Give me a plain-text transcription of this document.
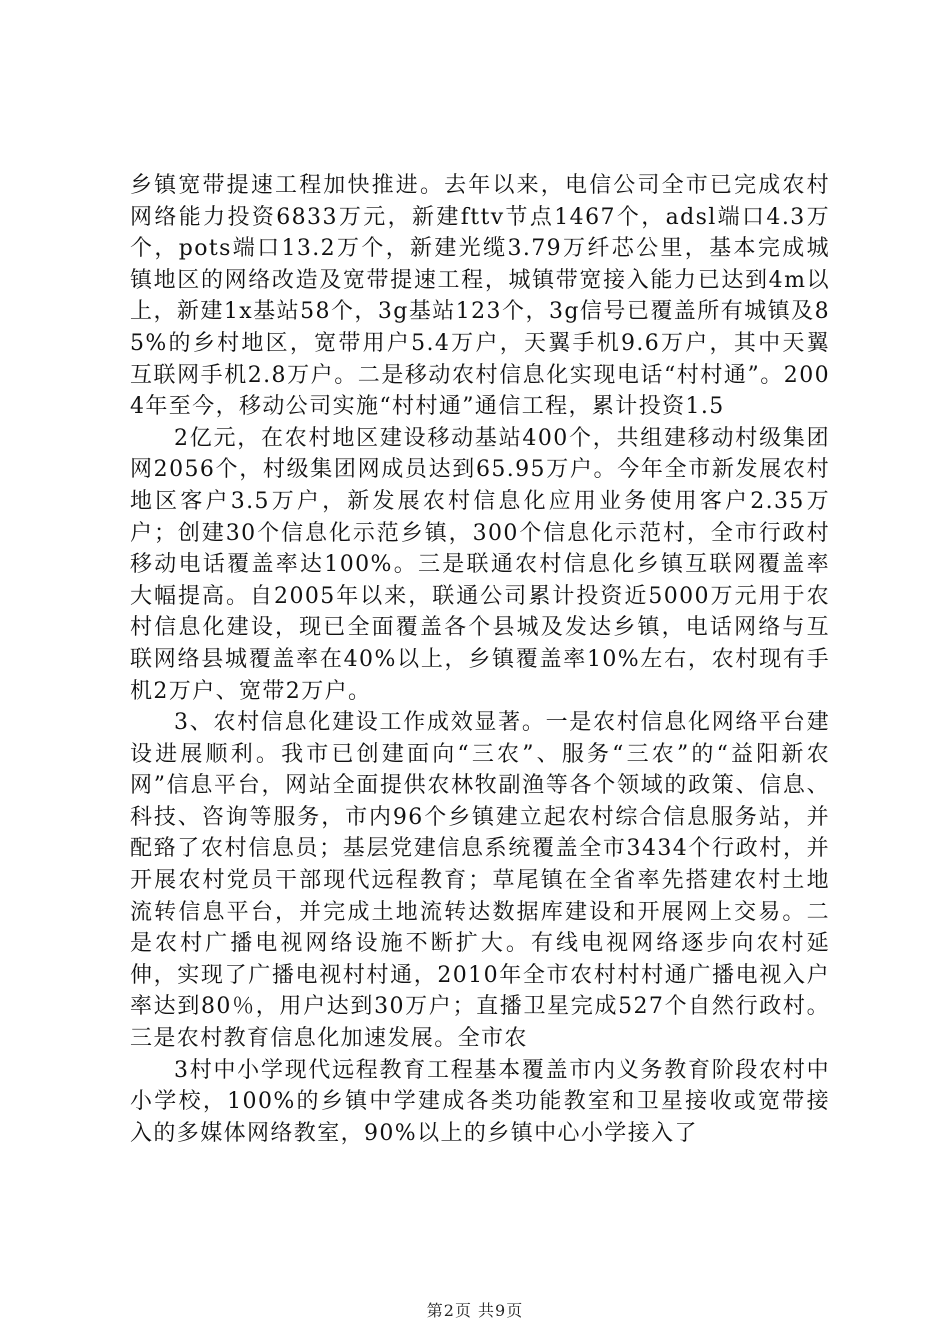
乡镇宽带提速工程加快推进。去年以来，电信公司全市已完成农村网络能力投资6833万元，新建fttv节点1467个，adsl端口4.3万个，pots端口13.2万个，新建光缆3.79万纤芯公里，基本完成城镇地区的网络改造及宽带提速工程，城镇带宽接入能力已达到4m以上，新建1x基站58个，3g基站123个，3g信号已覆盖所有城镇及85%的乡村地区，宽带用户5.4万户，天翼手机9.6万户，其中天翼互联网手机2.8万户。二是移动农村信息化实现电话“村村通”。2004年至今，移动公司实施“村村通”通信工程，累计投资1.5

2亿元，在农村地区建设移动基站400个，共组建移动村级集团网2056个，村级集团网成员达到65.95万户。今年全市新发展农村地区客户3.5万户，新发展农村信息化应用业务使用客户2.35万户；创建30个信息化示范乡镇，300个信息化示范村，全市行政村移动电话覆盖率达100%。三是联通农村信息化乡镇互联网覆盖率大幅提高。自2005年以来，联通公司累计投资近5000万元用于农村信息化建设，现已全面覆盖各个县城及发达乡镇，电话网络与互联网络县城覆盖率在40%以上，乡镇覆盖率10%左右，农村现有手机2万户、宽带2万户。

3、农村信息化建设工作成效显著。一是农村信息化网络平台建设进展顺利。我市已创建面向“三农”、服务“三农”的“益阳新农网”信息平台，网站全面提供农林牧副渔等各个领域的政策、信息、科技、咨询等服务，市内96个乡镇建立起农村综合信息服务站，并配臵了农村信息员；基层党建信息系统覆盖全市3434个行政村，并开展农村党员干部现代远程教育；草尾镇在全省率先搭建农村土地流转信息平台，并完成土地流转达数据库建设和开展网上交易。二是农村广播电视网络设施不断扩大。有线电视网络逐步向农村延伸，实现了广播电视村村通，2010年全市农村村村通广播电视入户率达到80％，用户达到30万户；直播卫星完成527个自然行政村。三是农村教育信息化加速发展。全市农

3村中小学现代远程教育工程基本覆盖市内义务教育阶段农村中小学校，100%的乡镇中学建成各类功能教室和卫星接收或宽带接入的多媒体网络教室，90%以上的乡镇中心小学接入了

第2页 共9页
